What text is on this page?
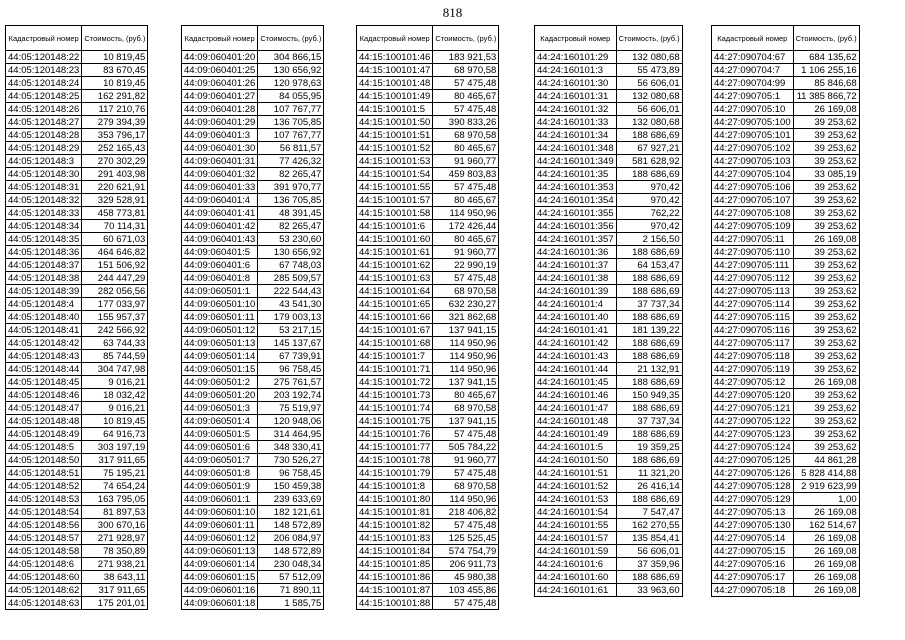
818
Кадастровый номер	Стоимость, (руб.)
44:05:120148:22	10 819,45
44:05:120148:23	83 670,45
44:05:120148:24	10 819,45
44:05:120148:25	162 291,82
44:05:120148:26	117 210,76
44:05:120148:27	279 394,39
44:05:120148:28	353 796,17
44:05:120148:29	252 165,43
44:05:120148:3	270 302,29
44:05:120148:30	291 403,98
44:05:120148:31	220 621,91
44:05:120148:32	329 528,91
44:05:120148:33	458 773,81
44:05:120148:34	70 114,31
44:05:120148:35	60 671,03
44:05:120148:36	464 646,82
44:05:120148:37	151 506,92
44:05:120148:38	244 447,29
44:05:120148:39	282 056,56
44:05:120148:4	177 033,97
44:05:120148:40	155 957,37
44:05:120148:41	242 566,92
44:05:120148:42	63 744,33
44:05:120148:43	85 744,59
44:05:120148:44	304 747,98
44:05:120148:45	9 016,21
44:05:120148:46	18 032,42
44:05:120148:47	9 016,21
44:05:120148:48	10 819,45
44:05:120148:49	64 916,73
44:05:120148:5	303 197,19
44:05:120148:50	317 911,65
44:05:120148:51	75 195,21
44:05:120148:52	74 654,24
44:05:120148:53	163 795,05
44:05:120148:54	81 897,53
44:05:120148:56	300 670,16
44:05:120148:57	271 928,97
44:05:120148:58	78 350,89
44:05:120148:6	271 938,21
44:05:120148:60	38 643,11
44:05:120148:62	317 911,65
44:05:120148:63	175 201,01
Кадастровый номер	Стоимость, (руб.)
44:09:060401:20	304 866,15
44:09:060401:25	130 656,92
44:09:060401:26	120 978,63
44:09:060401:27	84 055,95
44:09:060401:28	107 767,77
44:09:060401:29	136 705,85
44:09:060401:3	107 767,77
44:09:060401:30	56 811,57
44:09:060401:31	77 426,32
44:09:060401:32	82 265,47
44:09:060401:33	391 970,77
44:09:060401:4	136 705,85
44:09:060401:41	48 391,45
44:09:060401:42	82 265,47
44:09:060401:43	53 230,60
44:09:060401:5	130 656,92
44:09:060401:6	67 748,03
44:09:060401:8	285 509,57
44:09:060501:1	222 544,43
44:09:060501:10	43 541,30
44:09:060501:11	179 003,13
44:09:060501:12	53 217,15
44:09:060501:13	145 137,67
44:09:060501:14	67 739,91
44:09:060501:15	96 758,45
44:09:060501:2	275 761,57
44:09:060501:20	203 192,74
44:09:060501:3	75 519,97
44:09:060501:4	120 948,06
44:09:060501:5	314 464,95
44:09:060501:6	348 330,41
44:09:060501:7	730 526,27
44:09:060501:8	96 758,45
44:09:060501:9	150 459,38
44:09:060601:1	239 633,69
44:09:060601:10	182 121,61
44:09:060601:11	148 572,89
44:09:060601:12	206 084,97
44:09:060601:13	148 572,89
44:09:060601:14	230 048,34
44:09:060601:15	57 512,09
44:09:060601:16	71 890,11
44:09:060601:18	1 585,75
Кадастровый номер	Стоимость, (руб.)
44:15:100101:46	183 921,53
44:15:100101:47	68 970,58
44:15:100101:48	57 475,48
44:15:100101:49	80 465,67
44:15:100101:5	57 475,48
44:15:100101:50	390 833,26
44:15:100101:51	68 970,58
44:15:100101:52	80 465,67
44:15:100101:53	91 960,77
44:15:100101:54	459 803,83
44:15:100101:55	57 475,48
44:15:100101:57	80 465,67
44:15:100101:58	114 950,96
44:15:100101:6	172 426,44
44:15:100101:60	80 465,67
44:15:100101:61	91 960,77
44:15:100101:62	22 990,19
44:15:100101:63	57 475,48
44:15:100101:64	68 970,58
44:15:100101:65	632 230,27
44:15:100101:66	321 862,68
44:15:100101:67	137 941,15
44:15:100101:68	114 950,96
44:15:100101:7	114 950,96
44:15:100101:71	114 950,96
44:15:100101:72	137 941,15
44:15:100101:73	80 465,67
44:15:100101:74	68 970,58
44:15:100101:75	137 941,15
44:15:100101:76	57 475,48
44:15:100101:77	505 784,22
44:15:100101:78	91 960,77
44:15:100101:79	57 475,48
44:15:100101:8	68 970,58
44:15:100101:80	114 950,96
44:15:100101:81	218 406,82
44:15:100101:82	57 475,48
44:15:100101:83	125 525,45
44:15:100101:84	574 754,79
44:15:100101:85	206 911,73
44:15:100101:86	45 980,38
44:15:100101:87	103 455,86
44:15:100101:88	57 475,48
Кадастровый номер	Стоимость, (руб.)
44:24:160101:29	132 080,68
44:24:160101:3	55 473,89
44:24:160101:30	56 606,01
44:24:160101:31	132 080,68
44:24:160101:32	56 606,01
44:24:160101:33	132 080,68
44:24:160101:34	188 686,69
44:24:160101:348	67 927,21
44:24:160101:349	581 628,92
44:24:160101:35	188 686,69
44:24:160101:353	970,42
44:24:160101:354	970,42
44:24:160101:355	762,22
44:24:160101:356	970,42
44:24:160101:357	2 156,50
44:24:160101:36	188 686,69
44:24:160101:37	64 153,47
44:24:160101:38	188 686,69
44:24:160101:39	188 686,69
44:24:160101:4	37 737,34
44:24:160101:40	188 686,69
44:24:160101:41	181 139,22
44:24:160101:42	188 686,69
44:24:160101:43	188 686,69
44:24:160101:44	21 132,91
44:24:160101:45	188 686,69
44:24:160101:46	150 949,35
44:24:160101:47	188 686,69
44:24:160101:48	37 737,34
44:24:160101:49	188 686,69
44:24:160101:5	19 359,25
44:24:160101:50	188 686,69
44:24:160101:51	11 321,20
44:24:160101:52	26 416,14
44:24:160101:53	188 686,69
44:24:160101:54	7 547,47
44:24:160101:55	162 270,55
44:24:160101:57	135 854,41
44:24:160101:59	56 606,01
44:24:160101:6	37 359,96
44:24:160101:60	188 686,69
44:24:160101:61	33 963,60
Кадастровый номер	Стоимость, (руб.)
44:27:090704:67	684 135,62
44:27:090704:7	1 106 255,16
44:27:090704:99	85 846,68
44:27:090705:1	11 385 866,72
44:27:090705:10	26 169,08
44:27:090705:100	39 253,62
44:27:090705:101	39 253,62
44:27:090705:102	39 253,62
44:27:090705:103	39 253,62
44:27:090705:104	33 085,19
44:27:090705:106	39 253,62
44:27:090705:107	39 253,62
44:27:090705:108	39 253,62
44:27:090705:109	39 253,62
44:27:090705:11	26 169,08
44:27:090705:110	39 253,62
44:27:090705:111	39 253,62
44:27:090705:112	39 253,62
44:27:090705:113	39 253,62
44:27:090705:114	39 253,62
44:27:090705:115	39 253,62
44:27:090705:116	39 253,62
44:27:090705:117	39 253,62
44:27:090705:118	39 253,62
44:27:090705:119	39 253,62
44:27:090705:12	26 169,08
44:27:090705:120	39 253,62
44:27:090705:121	39 253,62
44:27:090705:122	39 253,62
44:27:090705:123	39 253,62
44:27:090705:124	39 253,62
44:27:090705:125	44 861,28
44:27:090705:126	5 828 414,88
44:27:090705:128	2 919 623,99
44:27:090705:129	1,00
44:27:090705:13	26 169,08
44:27:090705:130	162 514,67
44:27:090705:14	26 169,08
44:27:090705:15	26 169,08
44:27:090705:16	26 169,08
44:27:090705:17	26 169,08
44:27:090705:18	26 169,08
